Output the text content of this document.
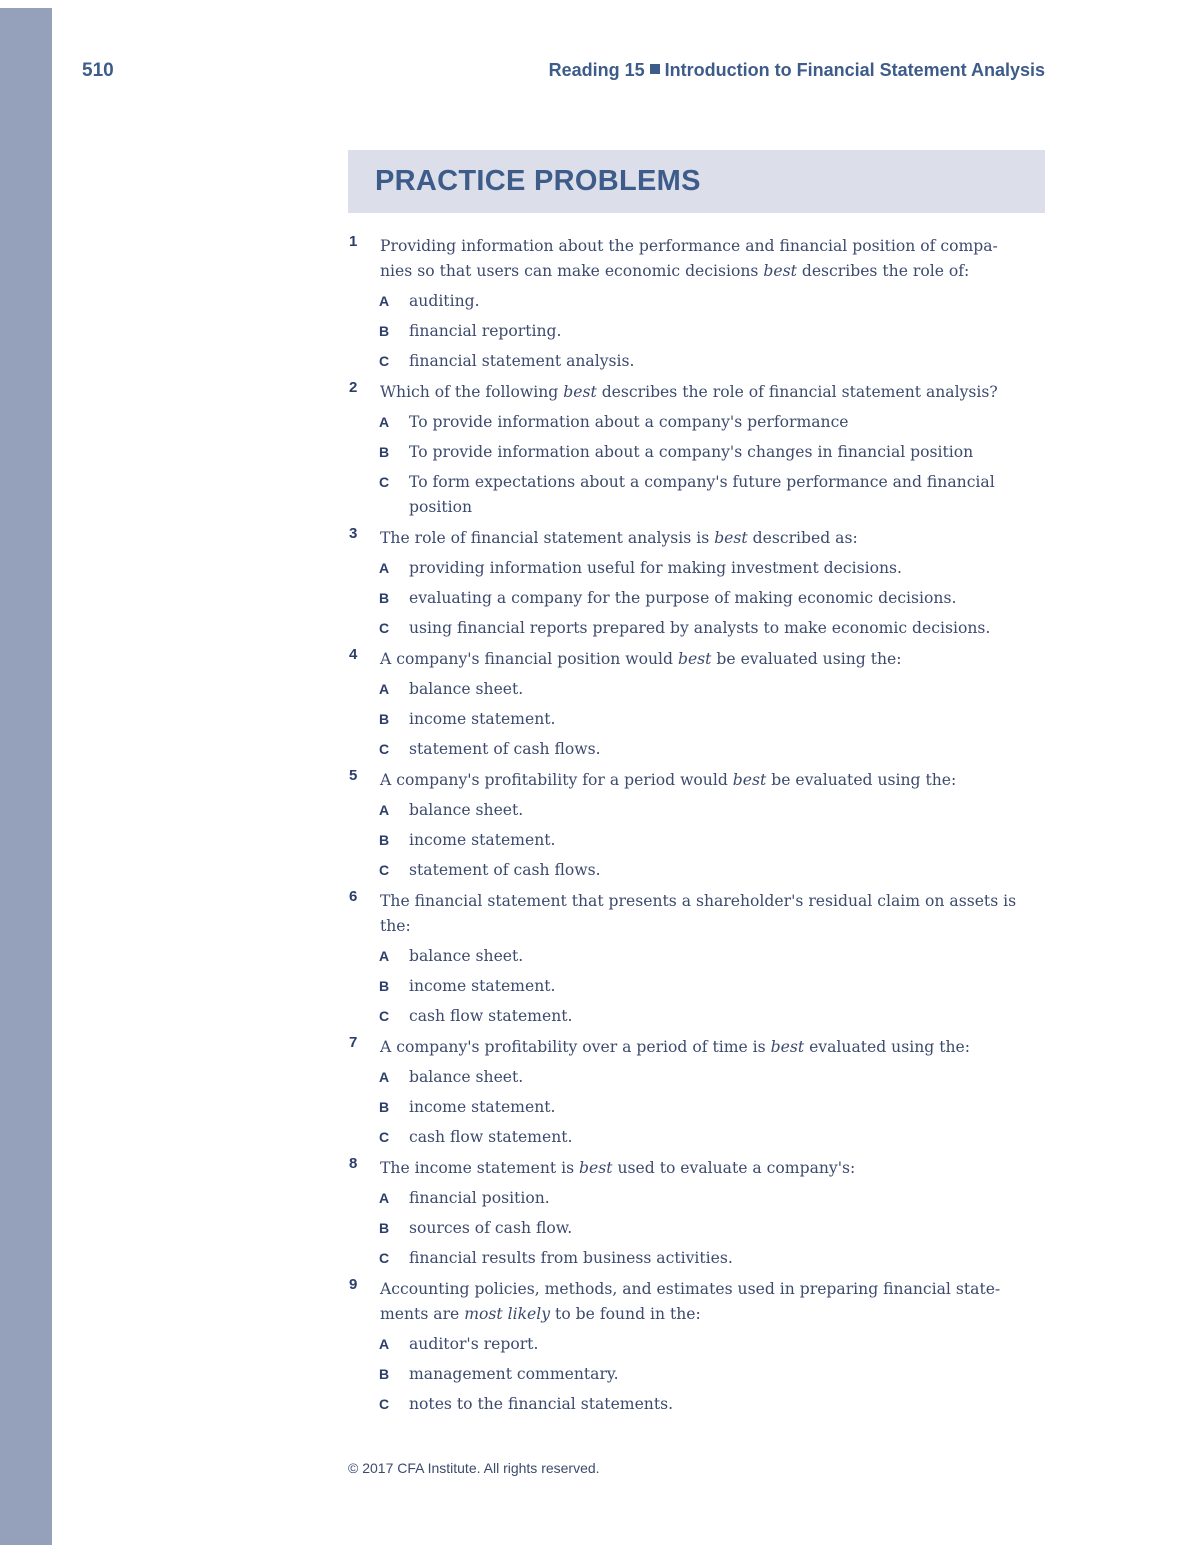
510	Reading 15 Introduction to Financial Statement Analysis
PRACTICE PROBLEMS
1 Providing information about the performance and financial position of compa-
nies so that users can make economic decisions best describes the role of:
A auditing.
B financial reporting.
C financial statement analysis.
2 Which of the following best describes the role of financial statement analysis?
A To provide information about a company's performance
B To provide information about a company's changes in financial position
C To form expectations about a company's future performance and financial position
3 The role of financial statement analysis is best described as:
A providing information useful for making investment decisions.
B evaluating a company for the purpose of making economic decisions.
C using financial reports prepared by analysts to make economic decisions.
4 A company's financial position would best be evaluated using the:
A balance sheet.
B income statement.
C statement of cash flows.
5 A company's profitability for a period would best be evaluated using the:
A balance sheet.
B income statement.
C statement of cash flows.
6 The financial statement that presents a shareholder's residual claim on assets is the:
A balance sheet.
B income statement.
C cash flow statement.
7 A company's profitability over a period of time is best evaluated using the:
A balance sheet.
B income statement.
C cash flow statement.
8 The income statement is best used to evaluate a company's:
A financial position.
B sources of cash flow.
C financial results from business activities.
9 Accounting policies, methods, and estimates used in preparing financial state-
ments are most likely to be found in the:
A auditor's report.
B management commentary.
C notes to the financial statements.
© 2017 CFA Institute. All rights reserved.
